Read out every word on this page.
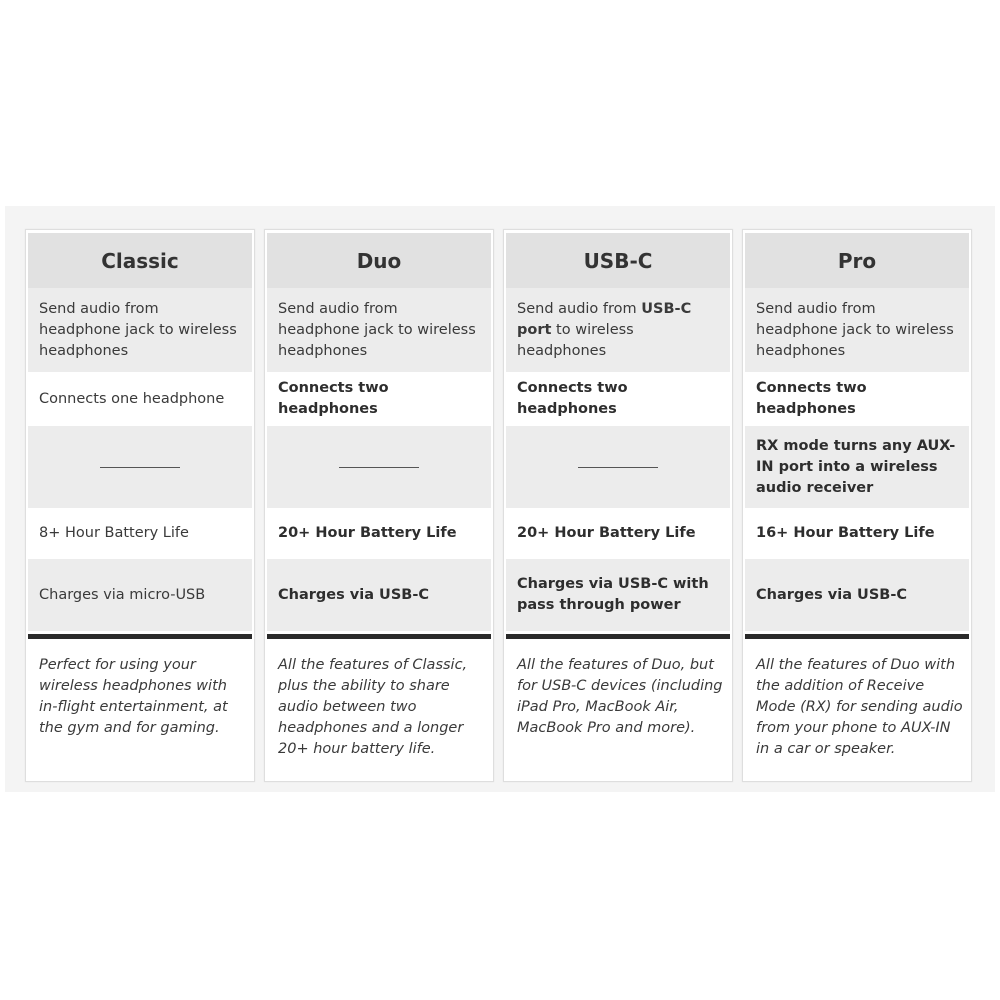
Classic
Send audio from headphone jack to wireless headphones
Connects one headphone
8+ Hour Battery Life
Charges via micro-USB
Perfect for using your wireless headphones with in-flight entertainment, at the gym and for gaming.
Duo
Send audio from headphone jack to wireless headphones
Connects two headphones
20+ Hour Battery Life
Charges via USB-C
All the features of Classic, plus the ability to share audio between two headphones and a longer 20+ hour battery life.
USB-C
Send audio from USB-C port to wireless headphones
Connects two headphones
20+ Hour Battery Life
Charges via USB-C with pass through power
All the features of Duo, but for USB-C devices (including iPad Pro, MacBook Air, MacBook Pro and more).
Pro
Send audio from headphone jack to wireless headphones
Connects two headphones
RX mode turns any AUX-IN port into a wireless audio receiver
16+ Hour Battery Life
Charges via USB-C
All the features of Duo with the addition of Receive Mode (RX) for sending audio from your phone to AUX-IN in a car or speaker.
